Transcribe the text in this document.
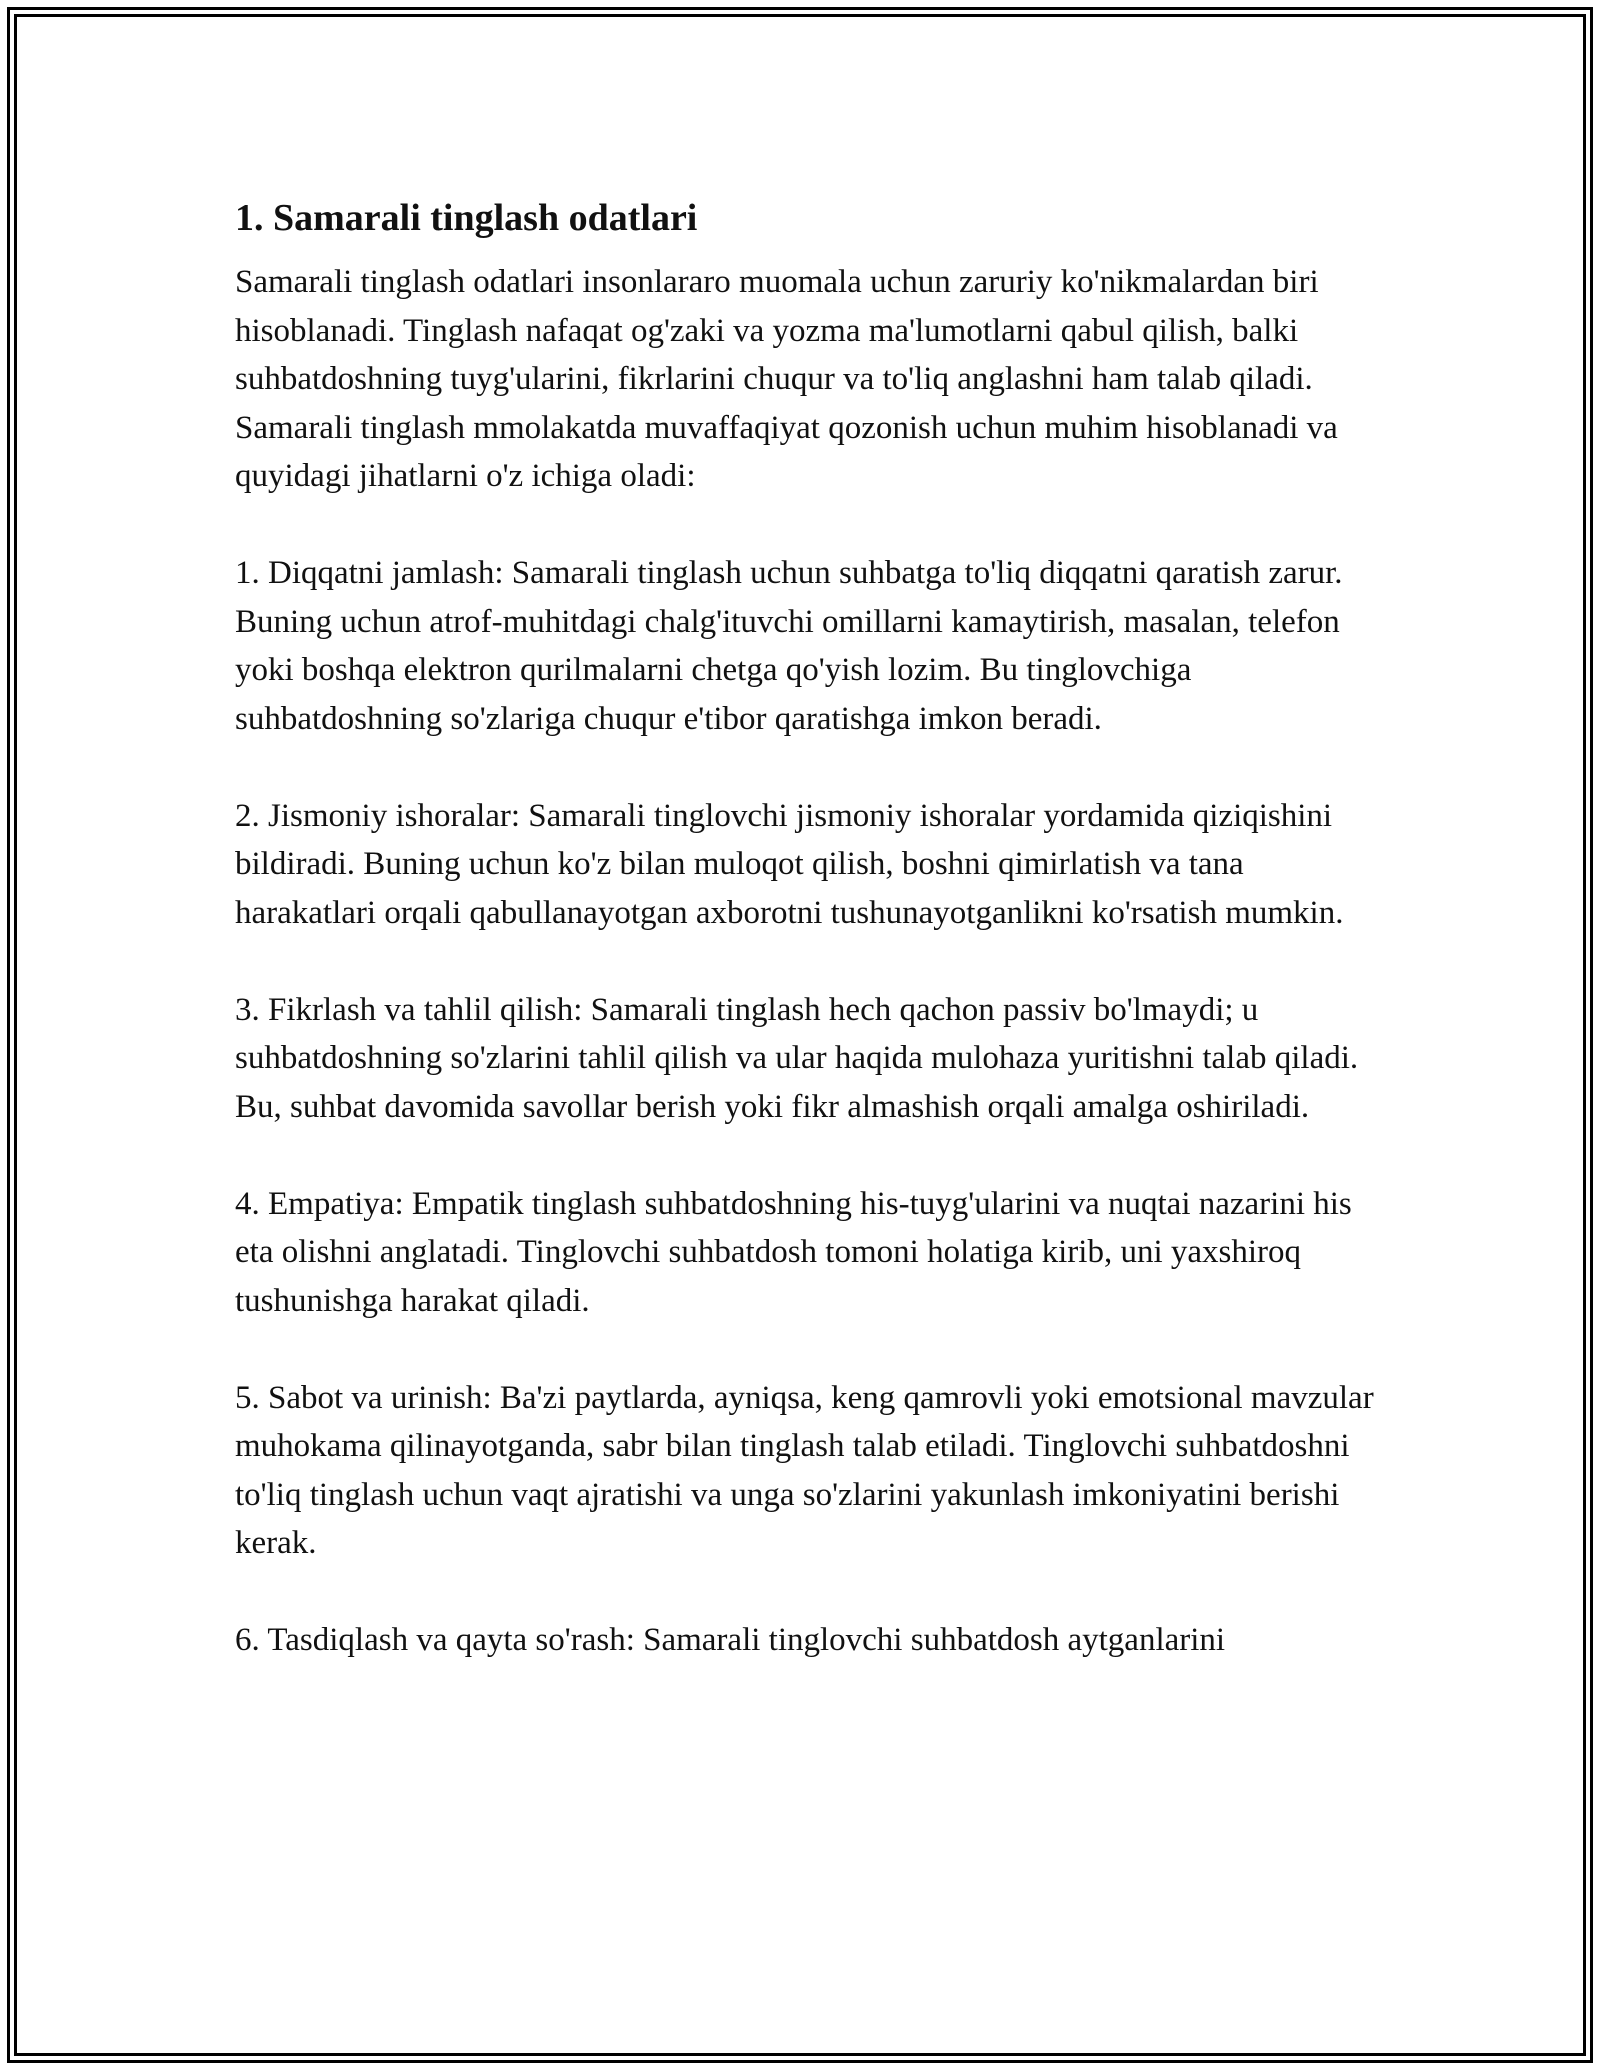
1. Samarali tinglash odatlari

Samarali tinglash odatlari insonlararo muomala uchun zaruriy ko'nikmalardan biri hisoblanadi. Tinglash nafaqat og'zaki va yozma ma'lumotlarni qabul qilish, balki suhbatdoshning tuyg'ularini, fikrlarini chuqur va to'liq anglashni ham talab qiladi. Samarali tinglash mmolakatda muvaffaqiyat qozonish uchun muhim hisoblanadi va quyidagi jihatlarni o'z ichiga oladi:

1. Diqqatni jamlash: Samarali tinglash uchun suhbatga to'liq diqqatni qaratish zarur. Buning uchun atrof-muhitdagi chalg'ituvchi omillarni kamaytirish, masalan, telefon yoki boshqa elektron qurilmalarni chetga qo'yish lozim. Bu tinglovchiga suhbatdoshning so'zlariga chuqur e'tibor qaratishga imkon beradi.

2. Jismoniy ishoralar: Samarali tinglovchi jismoniy ishoralar yordamida qiziqishini bildiradi. Buning uchun ko'z bilan muloqot qilish, boshni qimirlatish va tana harakatlari orqali qabullanayotgan axborotni tushunayotganlikni ko'rsatish mumkin.

3. Fikrlash va tahlil qilish: Samarali tinglash hech qachon passiv bo'lmaydi; u suhbatdoshning so'zlarini tahlil qilish va ular haqida mulohaza yuritishni talab qiladi. Bu, suhbat davomida savollar berish yoki fikr almashish orqali amalga oshiriladi.

4. Empatiya: Empatik tinglash suhbatdoshning his-tuyg'ularini va nuqtai nazarini his eta olishni anglatadi. Tinglovchi suhbatdosh tomoni holatiga kirib, uni yaxshiroq tushunishga harakat qiladi.

5. Sabot va urinish: Ba'zi paytlarda, ayniqsa, keng qamrovli yoki emotsional mavzular muhokama qilinayotganda, sabr bilan tinglash talab etiladi. Tinglovchi suhbatdoshni to'liq tinglash uchun vaqt ajratishi va unga so'zlarini yakunlash imkoniyatini berishi kerak.

6. Tasdiqlash va qayta so'rash: Samarali tinglovchi suhbatdosh aytganlarini
